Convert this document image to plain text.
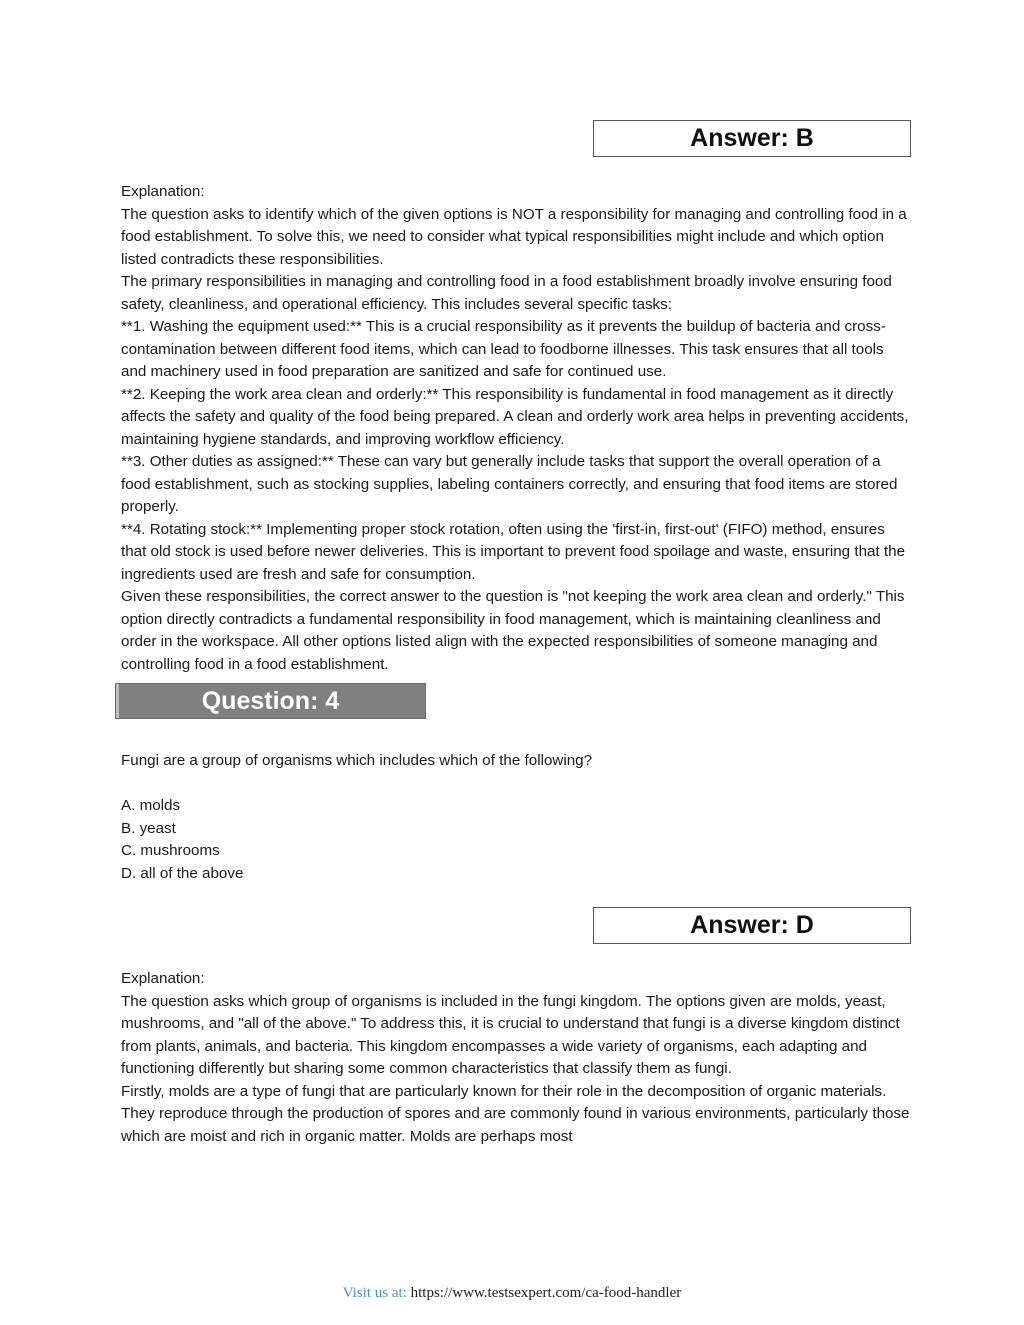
Answer: B

Explanation:

The question asks to identify which of the given options is NOT a responsibility for managing and controlling food in a food establishment. To solve this, we need to consider what typical responsibilities might include and which option listed contradicts these responsibilities.

The primary responsibilities in managing and controlling food in a food establishment broadly involve ensuring food safety, cleanliness, and operational efficiency. This includes several specific tasks:

**1. Washing the equipment used:** This is a crucial responsibility as it prevents the buildup of bacteria and cross-contamination between different food items, which can lead to foodborne illnesses. This task ensures that all tools and machinery used in food preparation are sanitized and safe for continued use.

**2. Keeping the work area clean and orderly:** This responsibility is fundamental in food management as it directly affects the safety and quality of the food being prepared. A clean and orderly work area helps in preventing accidents, maintaining hygiene standards, and improving workflow efficiency.

**3. Other duties as assigned:** These can vary but generally include tasks that support the overall operation of a food establishment, such as stocking supplies, labeling containers correctly, and ensuring that food items are stored properly.

**4. Rotating stock:** Implementing proper stock rotation, often using the 'first-in, first-out' (FIFO) method, ensures that old stock is used before newer deliveries. This is important to prevent food spoilage and waste, ensuring that the ingredients used are fresh and safe for consumption.

Given these responsibilities, the correct answer to the question is "not keeping the work area clean and orderly." This option directly contradicts a fundamental responsibility in food management, which is maintaining cleanliness and order in the workspace. All other options listed align with the expected responsibilities of someone managing and controlling food in a food establishment.

Question: 4

Fungi are a group of organisms which includes which of the following?

A. molds

B. yeast

C. mushrooms

D. all of the above

Answer: D

Explanation:

The question asks which group of organisms is included in the fungi kingdom. The options given are molds, yeast, mushrooms, and "all of the above." To address this, it is crucial to understand that fungi is a diverse kingdom distinct from plants, animals, and bacteria. This kingdom encompasses a wide variety of organisms, each adapting and functioning differently but sharing some common characteristics that classify them as fungi.

Firstly, molds are a type of fungi that are particularly known for their role in the decomposition of organic materials. They reproduce through the production of spores and are commonly found in various environments, particularly those which are moist and rich in organic matter. Molds are perhaps most

Visit us at: https://www.testsexpert.com/ca-food-handler
